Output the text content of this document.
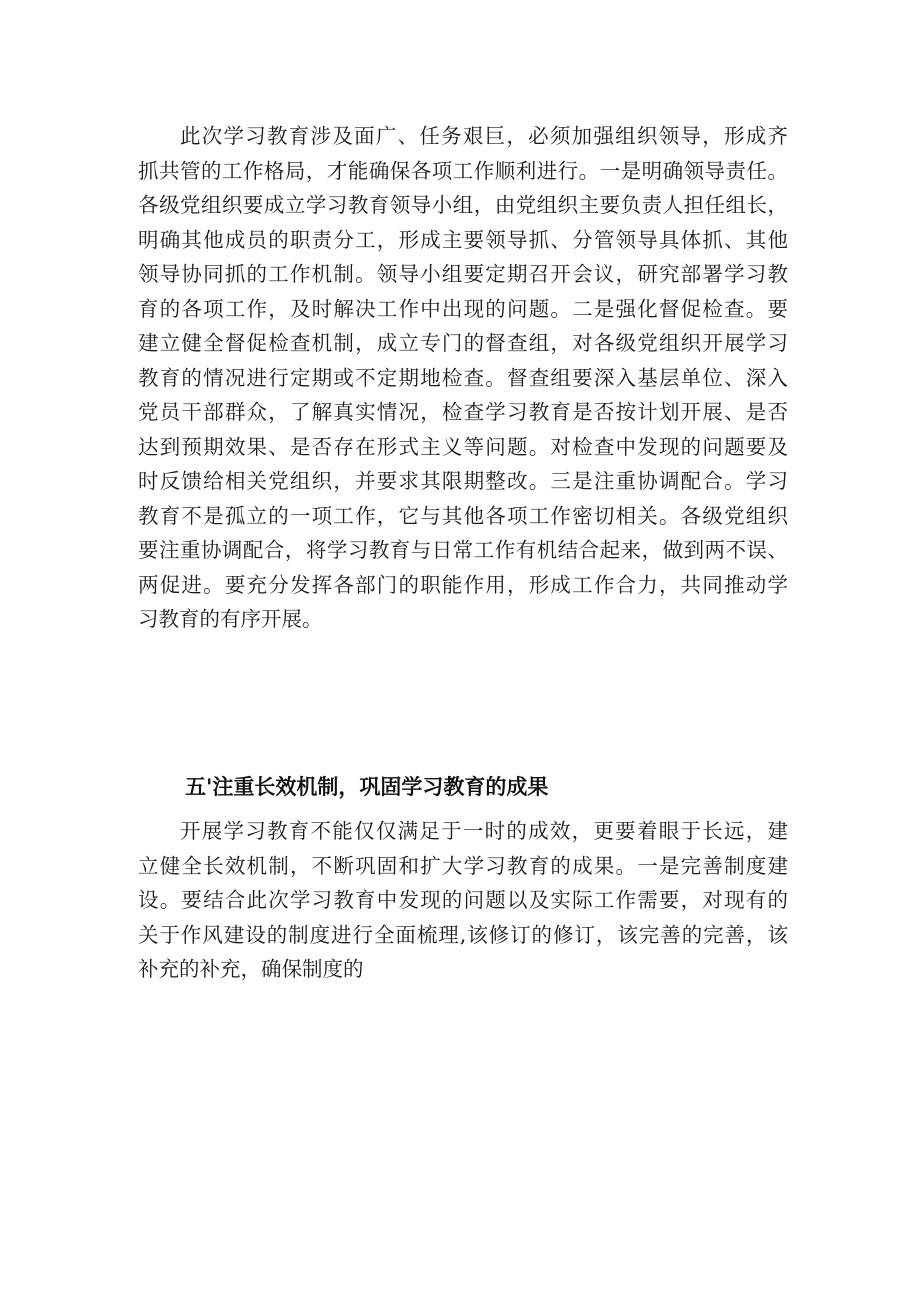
此次学习教育涉及面广、任务艰巨，必须加强组织领导，形成齐
抓共管的工作格局，才能确保各项工作顺利进行。一是明确领导责任。
各级党组织要成立学习教育领导小组，由党组织主要负责人担任组长，
明确其他成员的职责分工，形成主要领导抓、分管领导具体抓、其他
领导协同抓的工作机制。领导小组要定期召开会议，研究部署学习教
育的各项工作，及时解决工作中出现的问题。二是强化督促检查。要
建立健全督促检查机制，成立专门的督查组，对各级党组织开展学习
教育的情况进行定期或不定期地检查。督查组要深入基层单位、深入
党员干部群众，了解真实情况，检查学习教育是否按计划开展、是否
达到预期效果、是否存在形式主义等问题。对检查中发现的问题要及
时反馈给相关党组织，并要求其限期整改。三是注重协调配合。学习
教育不是孤立的一项工作，它与其他各项工作密切相关。各级党组织
要注重协调配合，将学习教育与日常工作有机结合起来，做到两不误、
两促进。要充分发挥各部门的职能作用，形成工作合力，共同推动学
习教育的有序开展。
五'注重长效机制，巩固学习教育的成果
开展学习教育不能仅仅满足于一时的成效，更要着眼于长远，建
立健全长效机制，不断巩固和扩大学习教育的成果。一是完善制度建
设。要结合此次学习教育中发现的问题以及实际工作需要，对现有的
关于作风建设的制度进行全面梳理,该修订的修订，该完善的完善，该
补充的补充，确保制度的
